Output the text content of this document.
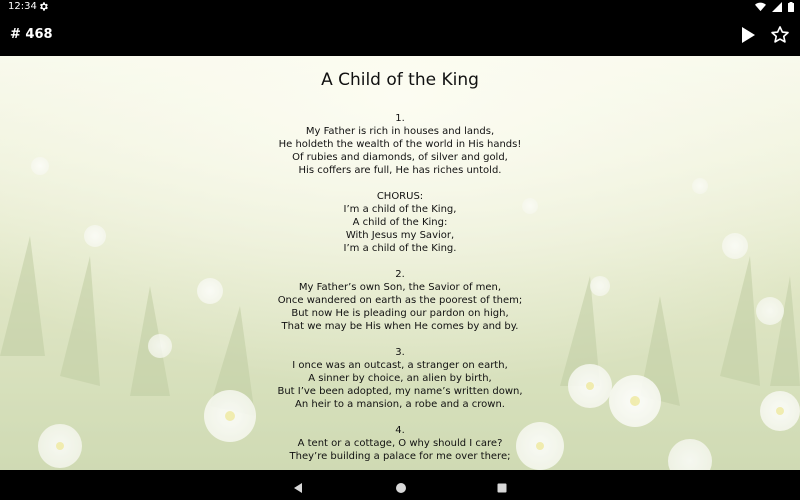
12:34
# 468
A Child of the King
1.
My Father is rich in houses and lands,
He holdeth the wealth of the world in His hands!
Of rubies and diamonds, of silver and gold,
His coffers are full, He has riches untold.
CHORUS:
I’m a child of the King,
A child of the King:
With Jesus my Savior,
I’m a child of the King.
2.
My Father’s own Son, the Savior of men,
Once wandered on earth as the poorest of them;
But now He is pleading our pardon on high,
That we may be His when He comes by and by.
3.
I once was an outcast, a stranger on earth,
A sinner by choice, an alien by birth,
But I’ve been adopted, my name’s written down,
An heir to a mansion, a robe and a crown.
4.
A tent or a cottage, O why should I care?
They’re building a palace for me over there;
